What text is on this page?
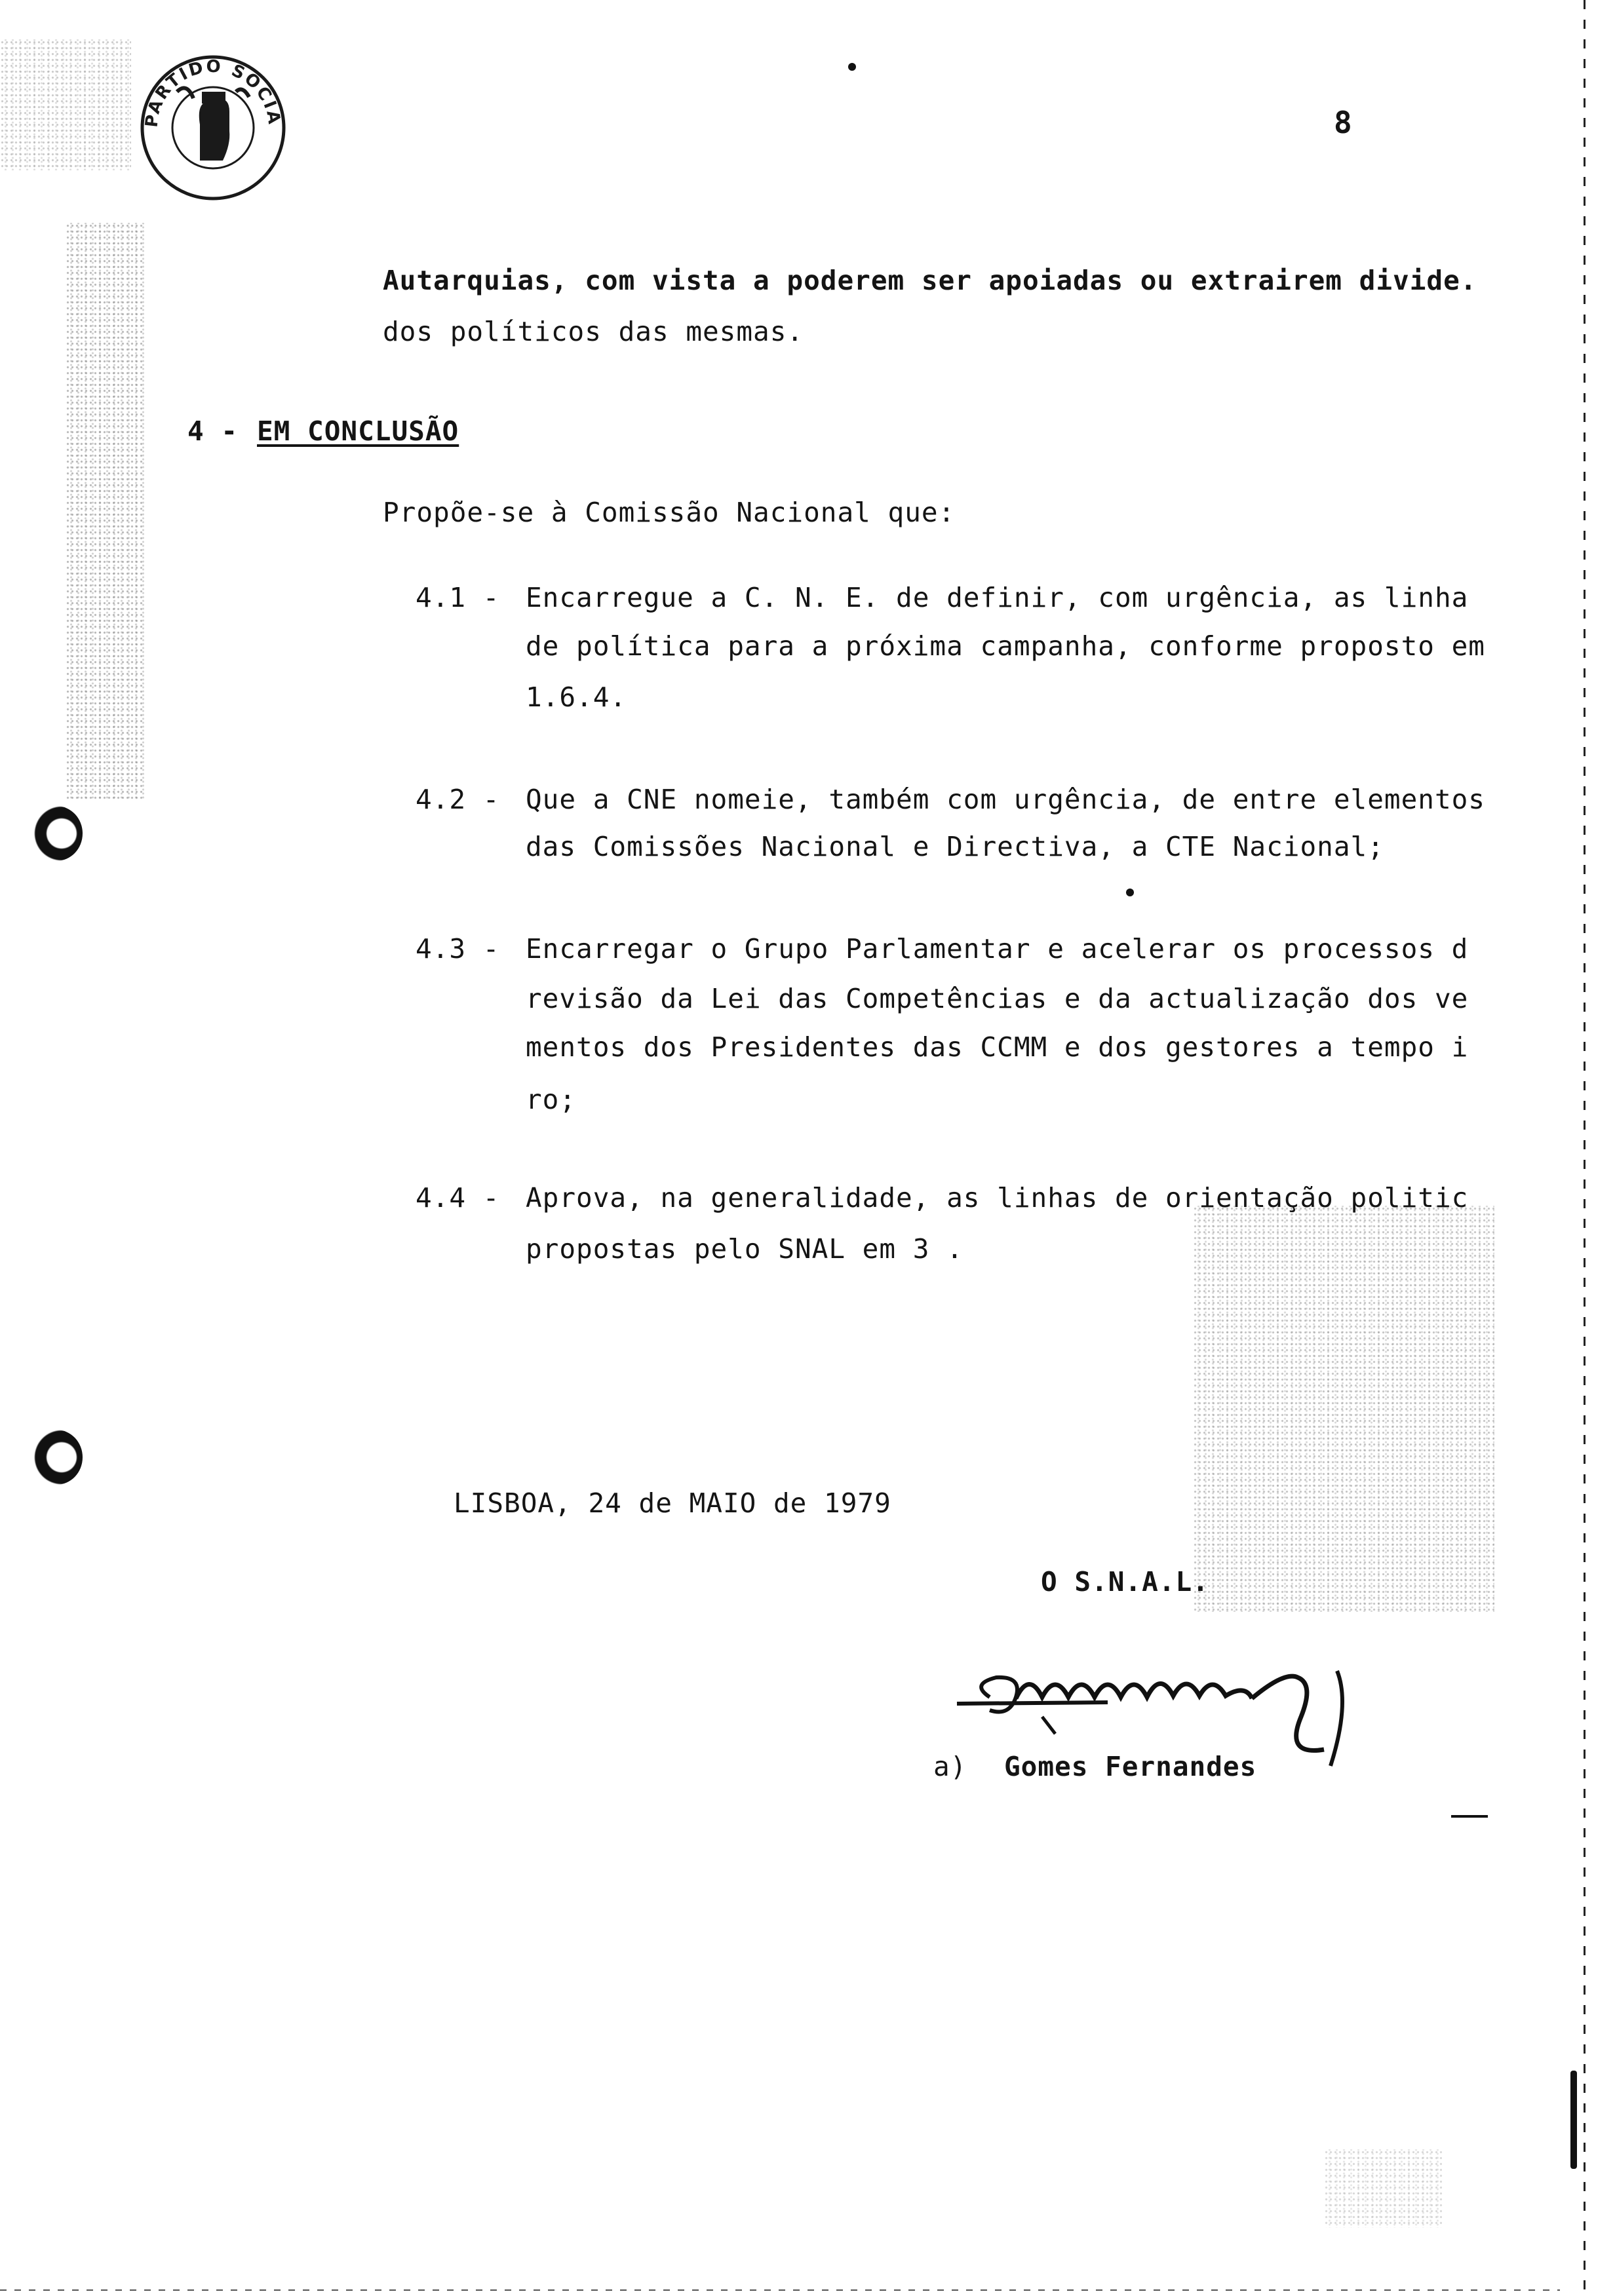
PARTIDO SOCIA	8
Autarquias, com vista a poderem ser apoiadas ou extrairem divide.
dos políticos das mesmas.
4 - EM CONCLUSÃO
Propõe-se à Comissão Nacional que:
4.1 - Encarregue a C. N. E. de definir, com urgência, as linha
de política para a próxima campanha, conforme proposto em
1.6.4.
4.2 - Que a CNE nomeie, também com urgência, de entre elementos
das Comissões Nacional e Directiva, a CTE Nacional;
4.3 - Encarregar o Grupo Parlamentar e acelerar os processos d
revisão da Lei das Competências e da actualização dos ve
mentos dos Presidentes das CCMM e dos gestores a tempo i
ro;
4.4 - Aprova, na generalidade, as linhas de orientação politic
propostas pelo SNAL em 3 .
LISBOA, 24 de MAIO de 1979
O S.N.A.L.
a) Gomes Fernandes
